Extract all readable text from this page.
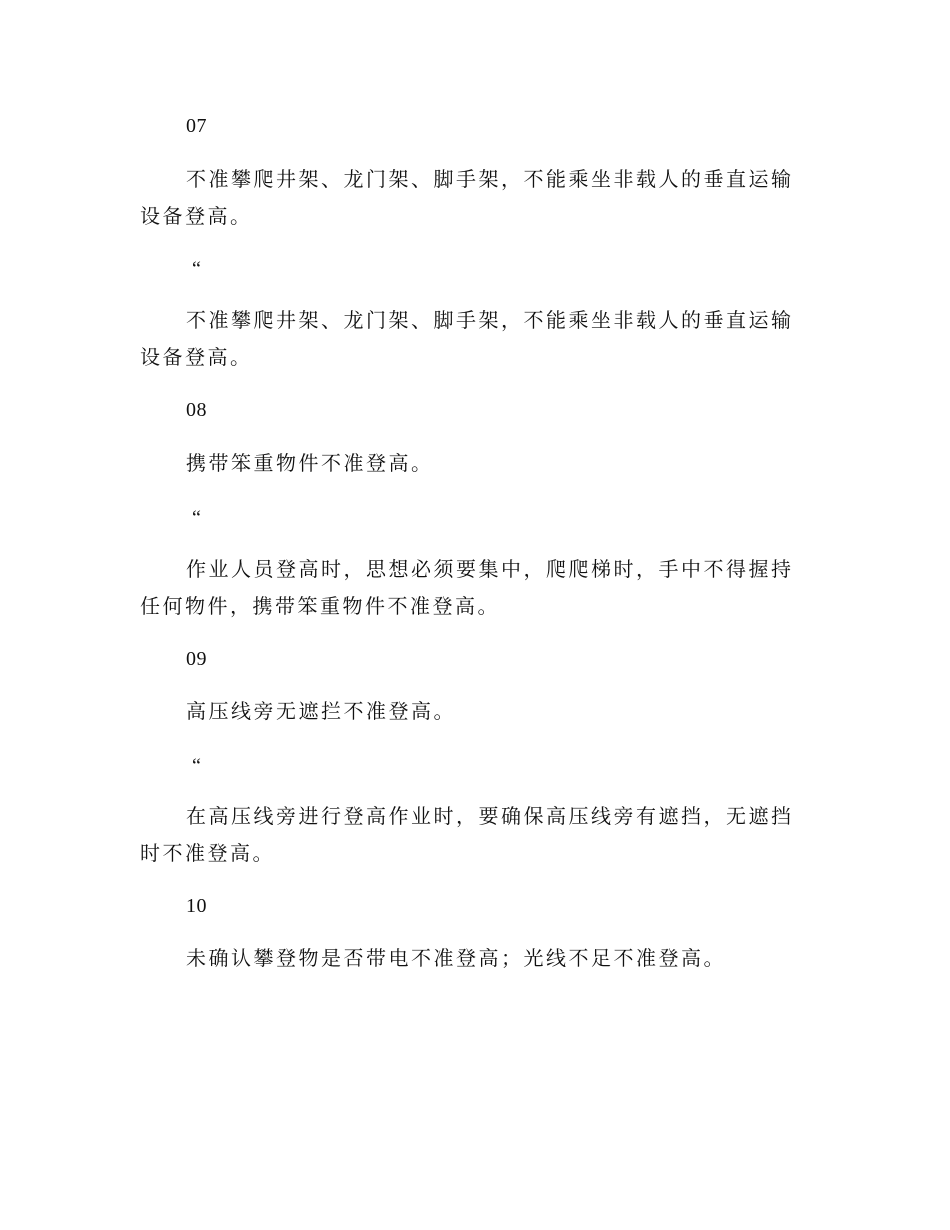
07

不准攀爬井架、龙门架、脚手架，不能乘坐非载人的垂直运输设备登高。

“

不准攀爬井架、龙门架、脚手架，不能乘坐非载人的垂直运输设备登高。

08

携带笨重物件不准登高。

“

作业人员登高时，思想必须要集中，爬爬梯时，手中不得握持任何物件，携带笨重物件不准登高。

09

高压线旁无遮拦不准登高。

“

在高压线旁进行登高作业时，要确保高压线旁有遮挡，无遮挡时不准登高。

10

未确认攀登物是否带电不准登高；光线不足不准登高。
